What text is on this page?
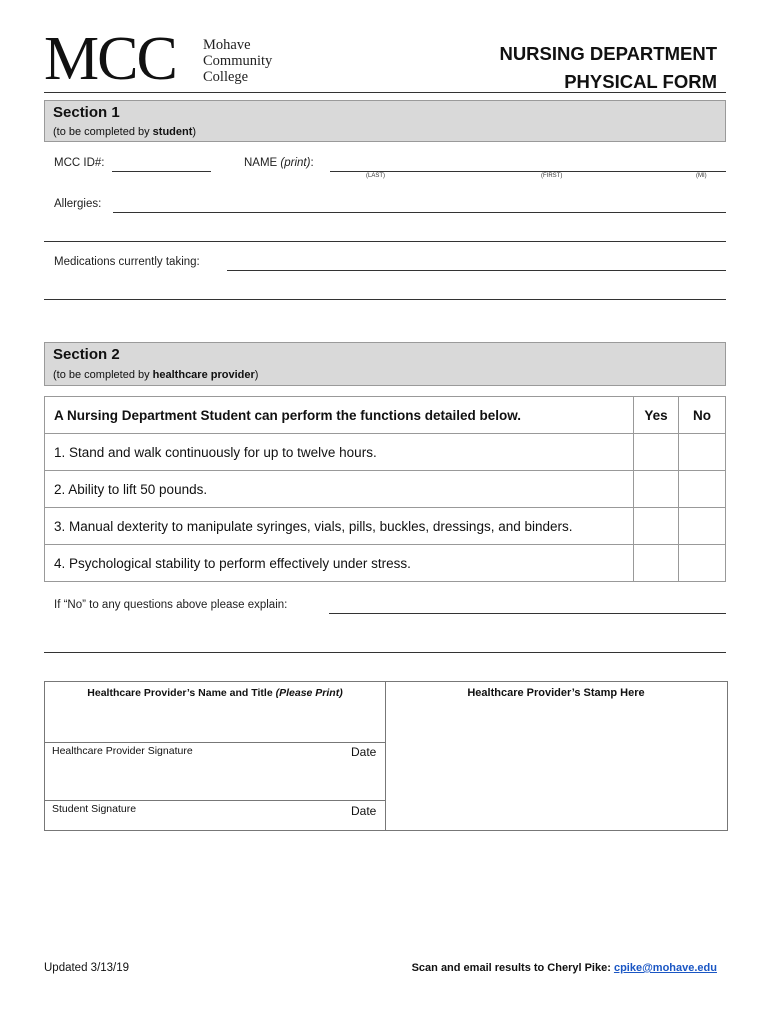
MCC Mohave
Community
College
NURSING DEPARTMENT
PHYSICAL FORM
Section 1
(to be completed by student)
MCC ID#:	NAME (print):
(LAST)	(FIRST)	(MI)
Allergies:
Medications currently taking:
Section 2
(to be completed by healthcare provider)
A Nursing Department Student can perform the functions detailed below.	Yes	No
1. Stand and walk continuously for up to twelve hours.		
2. Ability to lift 50 pounds.		
3. Manual dexterity to manipulate syringes, vials, pills, buckles, dressings, and binders.		
4. Psychological stability to perform effectively under stress.		
If “No” to any questions above please explain:
Healthcare Provider’s Name and Title (Please Print)	Healthcare Provider’s Stamp Here
Healthcare Provider Signature	Date
Student Signature	Date
Updated 3/13/19	Scan and email results to Cheryl Pike: cpike@mohave.edu
